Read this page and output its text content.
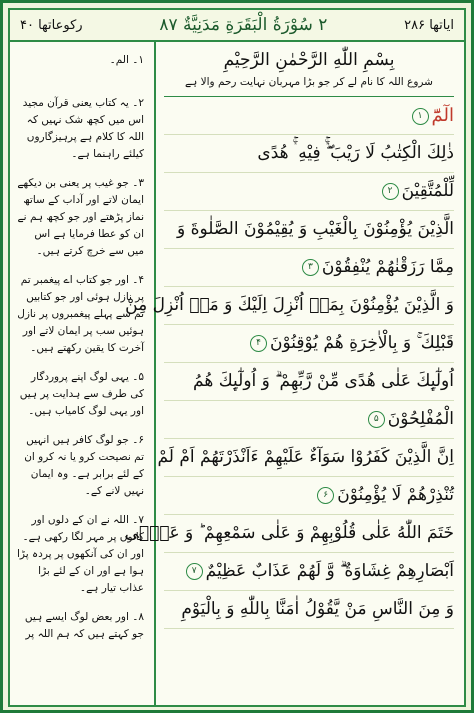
رکوعاتها ۴۰	۲ سُوْرَةُ الْبَقَرَةِ مَدَنِیَّةٌ ۸۷	ایاتها ۲۸۶
۱۔ الم۔
۲۔ یہ کتاب یعنی قرآن مجید اس میں کچھ شک نہیں کہ اللہ کا کلام ہے پرہیزگاروں کیلئے راہنما ہے۔
۳۔ جو غیب پر یعنی بن دیکھے ایمان لاتے اور آداب کے ساتھ نماز پڑھتے اور جو کچھ ہم نے ان کو عطا فرمایا ہے اس میں سے خرچ کرتے ہیں۔
۴۔ اور جو کتاب اے پیغمبر تم پر نازل ہوئی اور جو کتابیں تم سے پہلے پیغمبروں پر نازل ہوئیں سب پر ایمان لاتے اور آخرت کا یقین رکھتے ہیں۔
۵۔ یہی لوگ اپنے پروردگار کی طرف سے ہدایت پر ہیں اور یہی لوگ کامیاب ہیں۔
۶۔ جو لوگ کافر ہیں انہیں تم نصیحت کرو یا نہ کرو ان کے لئے برابر ہے۔ وہ ایمان نہیں لانے کے۔
۷۔ اللہ نے ان کے دلوں اور کانوں پر مہر لگا رکھی ہے۔ اور ان کی آنکھوں پر پردہ پڑا ہوا ہے اور ان کے لئے بڑا عذاب تیار ہے۔
۸۔ اور بعض لوگ ایسے ہیں جو کہتے ہیں کہ ہم اللہ پر
بِسْمِ اللّٰهِ الرَّحْمٰنِ الرَّحِیْمِ
شروع اللہ کا نام لے کر جو بڑا مہربان نہایت رحم والا ہے
الٓمّٓ۱
ذٰلِكَ الْكِتٰبُ لَا رَیْبَ ۛۚۖ فِیْهِ ۛۚ هُدًى
لِّلْمُتَّقِیْنَ۲
الَّذِیْنَ یُؤْمِنُوْنَ بِالْغَیْبِ وَ یُقِیْمُوْنَ الصَّلٰوةَ وَ
مِمَّا رَزَقْنٰهُمْ یُنْفِقُوْنَ۳
وَ الَّذِیْنَ یُؤْمِنُوْنَ بِمَاۤ اُنْزِلَ اِلَیْكَ وَ مَاۤ اُنْزِلَ مِنْ
قَبْلِكَ ۚ وَ بِالْاٰخِرَةِ هُمْ یُوْقِنُوْنَ۴
اُولٰٓىِٕكَ عَلٰى هُدًى مِّنْ رَّبِّهِمْ ۗ وَ اُولٰٓىِٕكَ هُمُ
الْمُفْلِحُوْنَ۵
اِنَّ الَّذِیْنَ كَفَرُوْا سَوَآءٌ عَلَیْهِمْ ءَاَنْذَرْتَهُمْ اَمْ لَمْ
تُنْذِرْهُمْ لَا یُؤْمِنُوْنَ۶
خَتَمَ اللّٰهُ عَلٰى قُلُوْبِهِمْ وَ عَلٰى سَمْعِهِمْ ؕ وَ عَلٰۤى
اَبْصَارِهِمْ غِشَاوَةٌ ۗ وَّ لَهُمْ عَذَابٌ عَظِیْمٌ۷
وَ مِنَ النَّاسِ مَنْ یَّقُوْلُ اٰمَنَّا بِاللّٰهِ وَ بِالْیَوْمِ
